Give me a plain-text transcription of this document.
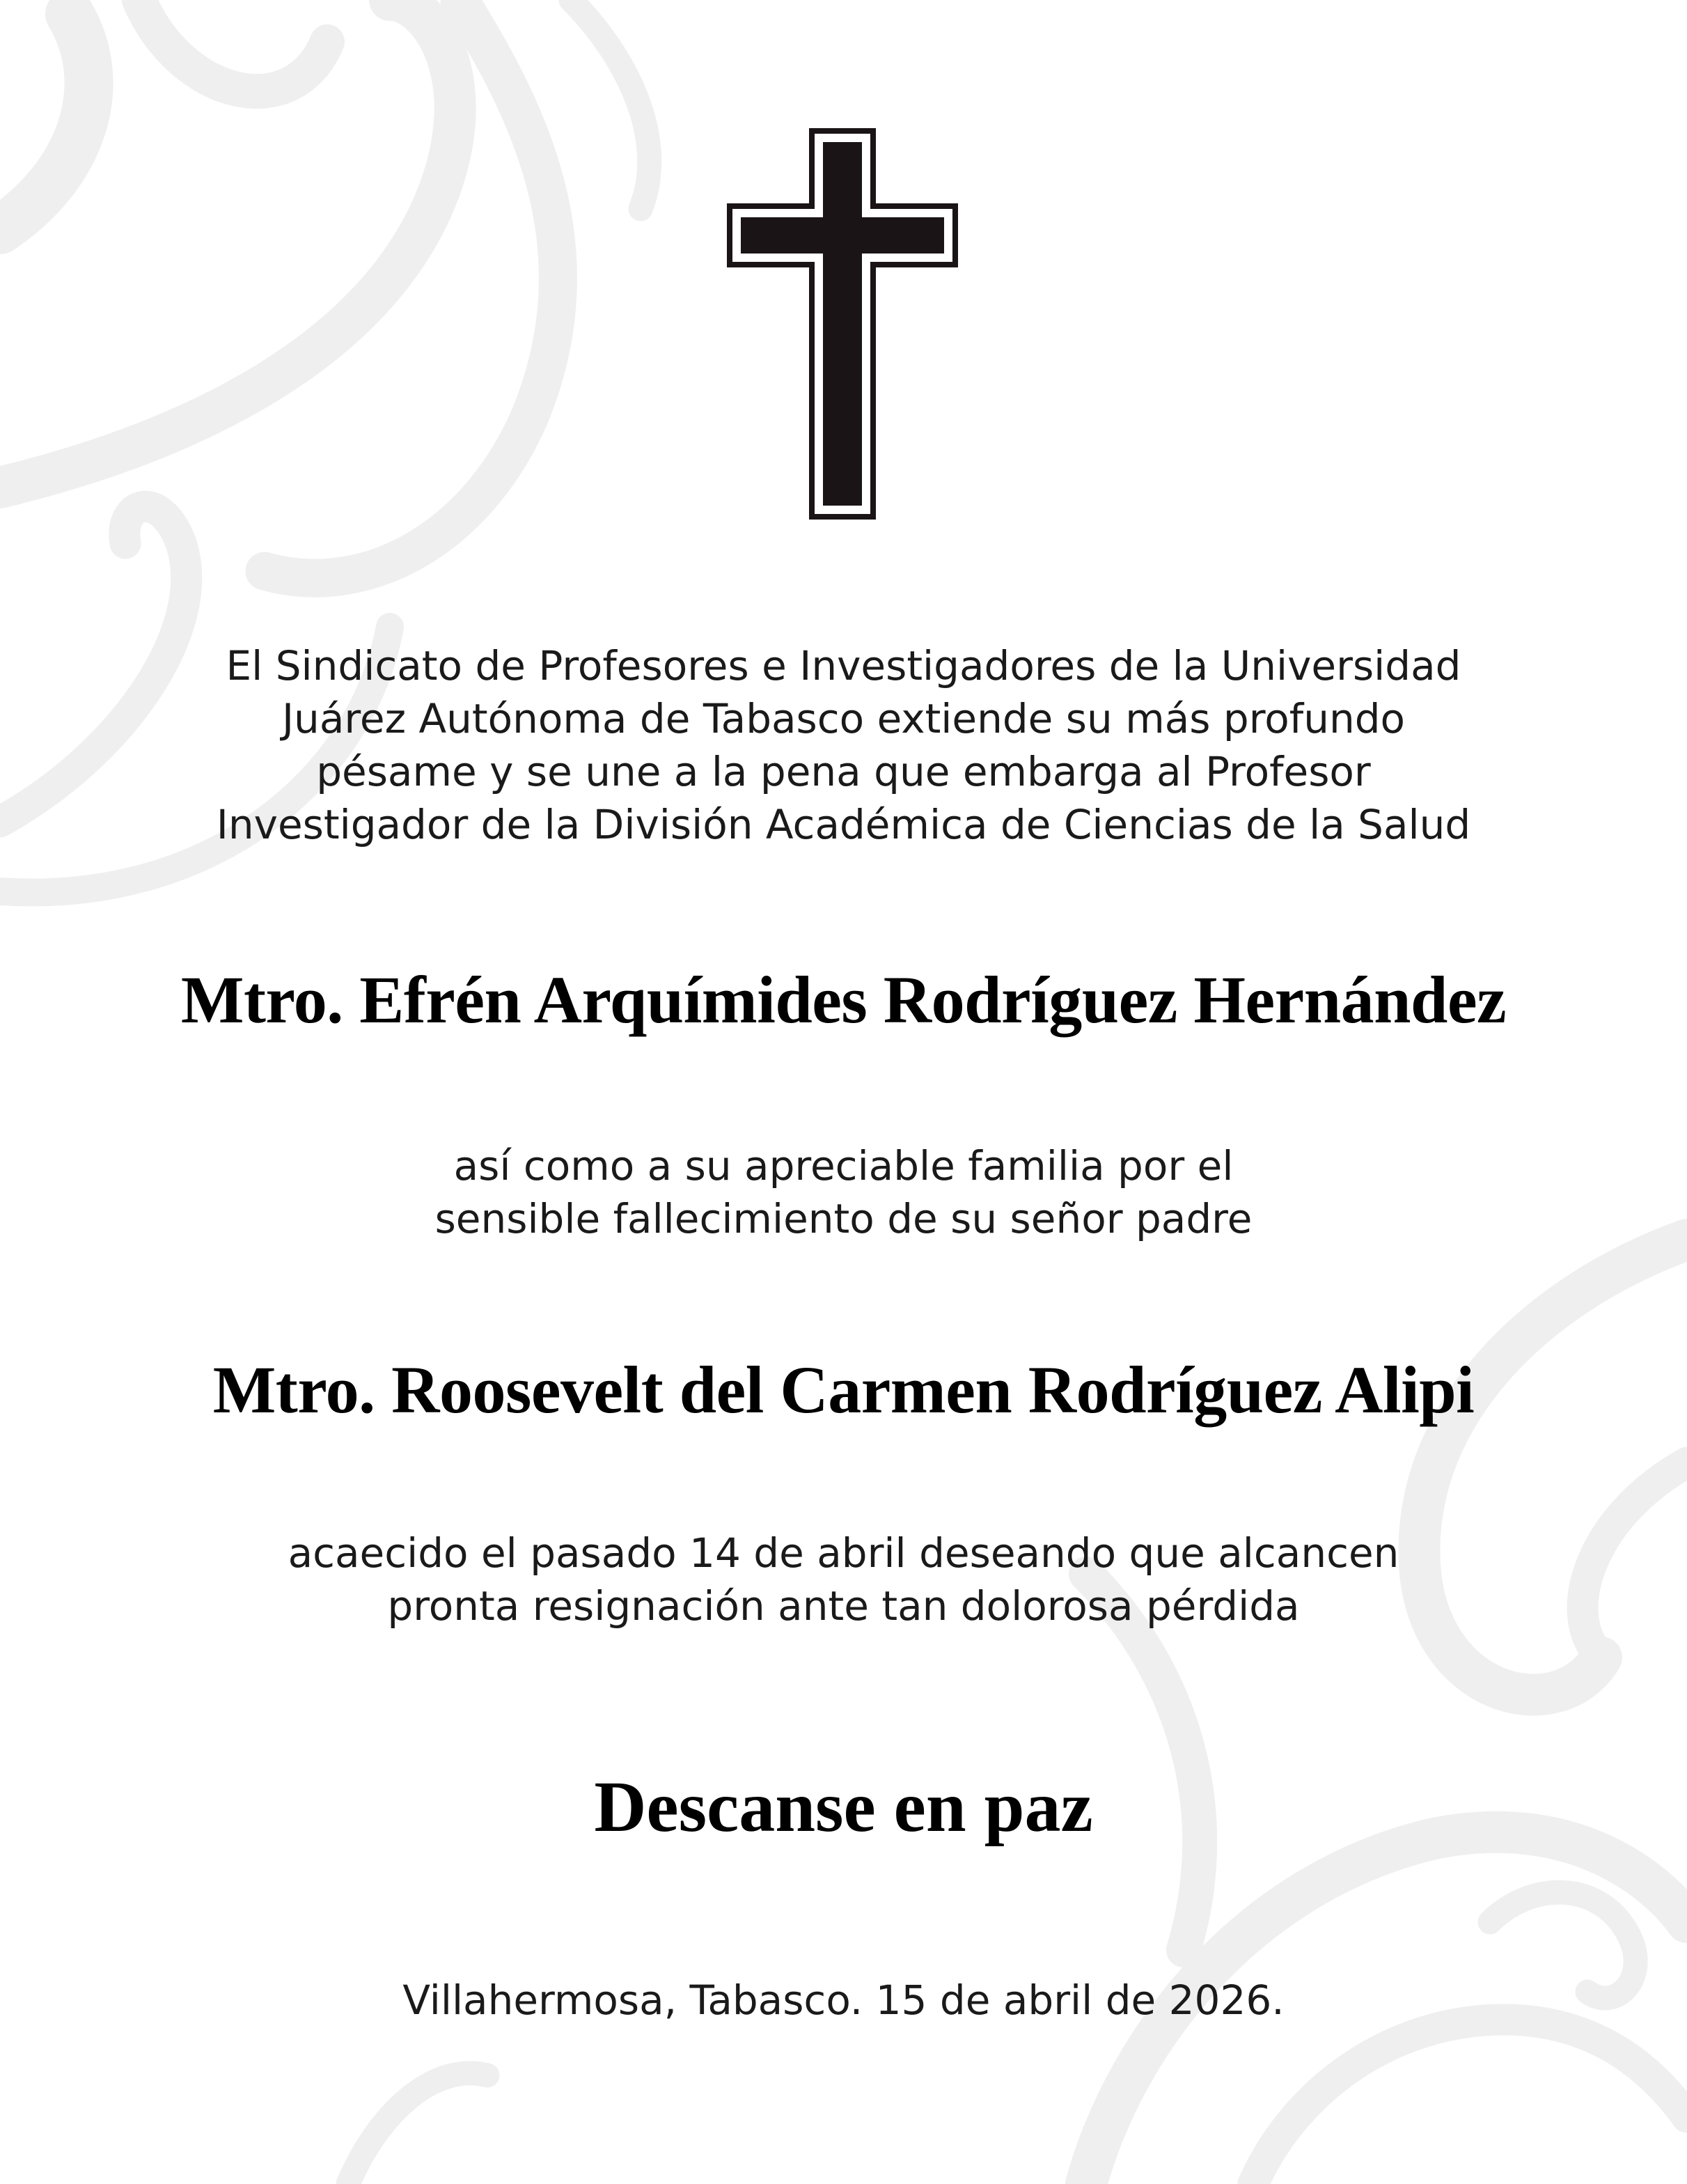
El Sindicato de Profesores e Investigadores de la Universidad
Juárez Autónoma de Tabasco extiende su más profundo
pésame y se une a la pena que embarga al Profesor
Investigador de la División Académica de Ciencias de la Salud
Mtro. Efrén Arquímides Rodríguez Hernández
así como a su apreciable familia por el
sensible fallecimiento de su señor padre
Mtro. Roosevelt del Carmen Rodríguez Alipi
acaecido el pasado 14 de abril deseando que alcancen
pronta resignación ante tan dolorosa pérdida
Descanse en paz
Villahermosa, Tabasco. 15 de abril de 2026.
